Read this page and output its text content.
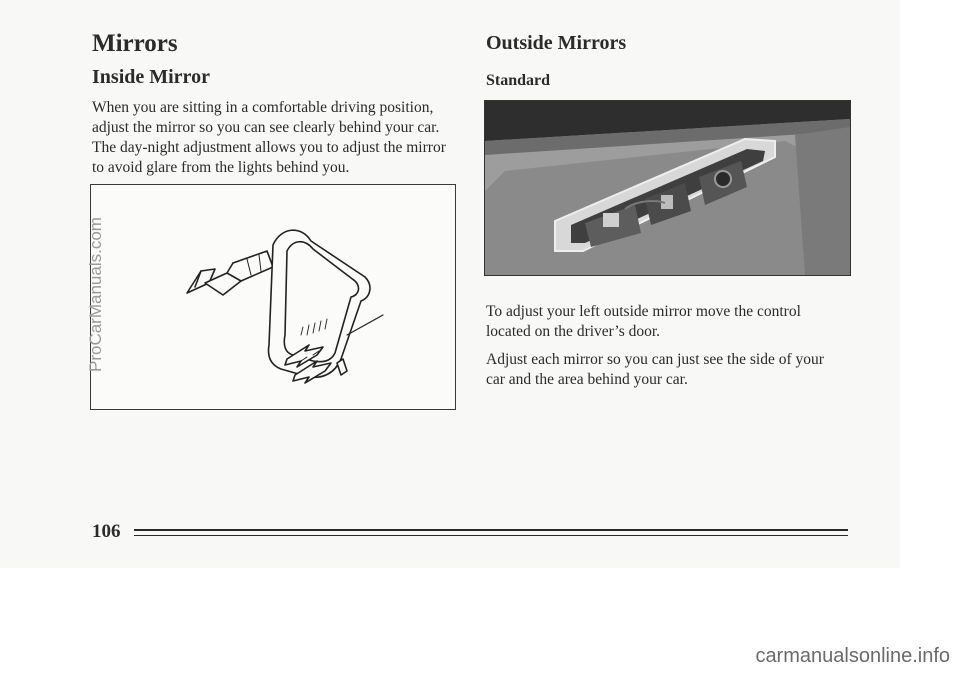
Mirrors
Inside Mirror

When you are sitting in a comfortable driving position, adjust the mirror so you can see clearly behind your car. The day-night adjustment allows you to adjust the mirror to avoid glare from the lights behind you.

Outside Mirrors
Standard

To adjust your left outside mirror move the control located on the driver’s door.

Adjust each mirror so you can just see the side of your car and the area behind your car.

106

ProCarManuals.com
carmanualsonline.info
